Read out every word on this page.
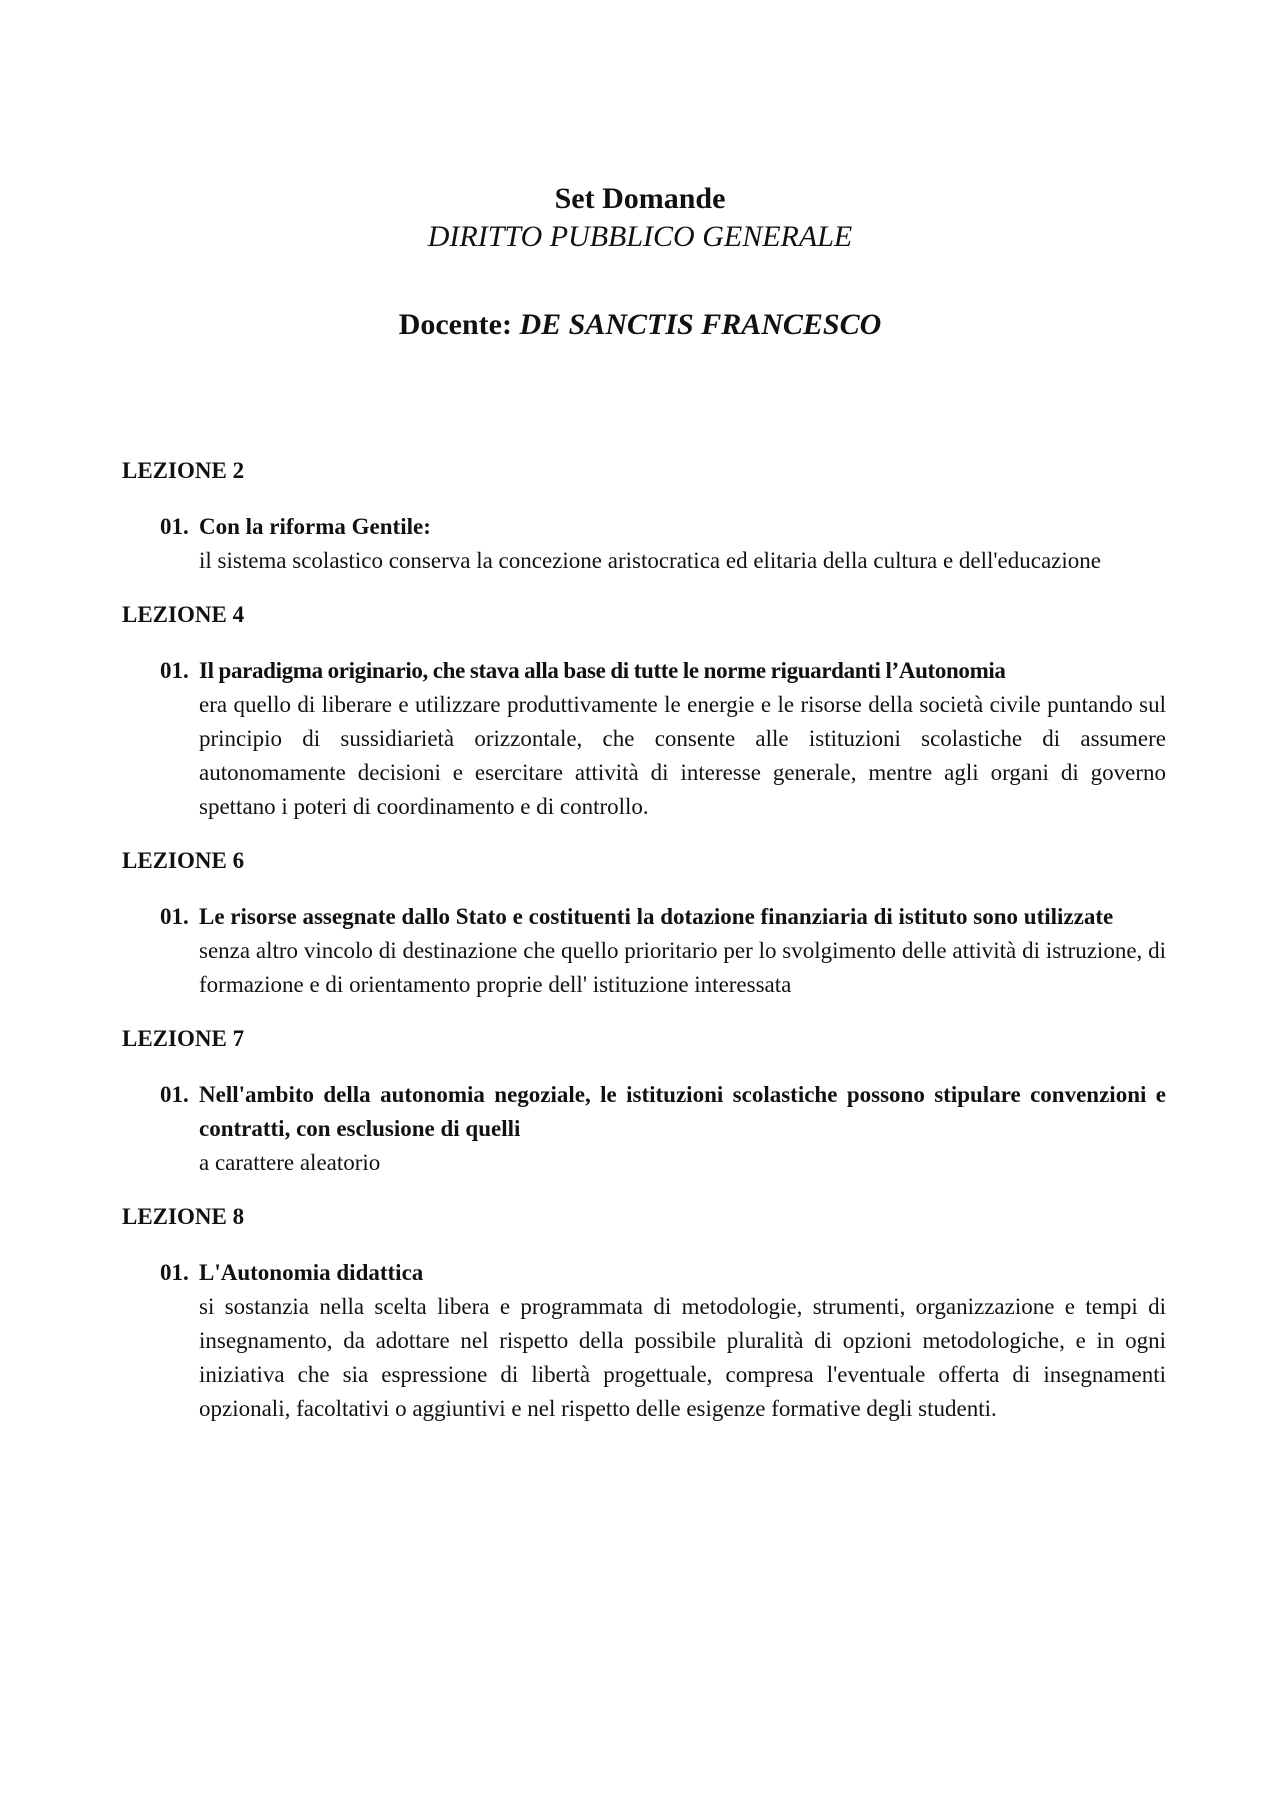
Set Domande
DIRITTO PUBBLICO GENERALE
Docente: DE SANCTIS FRANCESCO
LEZIONE 2
01. Con la riforma Gentile:
il sistema scolastico conserva la concezione aristocratica ed elitaria della cultura e dell'educazione
LEZIONE 4
01. Il paradigma originario, che stava alla base di tutte le norme riguardanti l’Autonomia
era quello di liberare e utilizzare produttivamente le energie e le risorse della società civile puntando sul principio di sussidiarietà orizzontale, che consente alle istituzioni scolastiche di assumere autonomamente decisioni e esercitare attività di interesse generale, mentre agli organi di governo spettano i poteri di coordinamento e di controllo.
LEZIONE 6
01. Le risorse assegnate dallo Stato e costituenti la dotazione finanziaria di istituto sono utilizzate
senza altro vincolo di destinazione che quello prioritario per lo svolgimento delle attività di istruzione, di formazione e di orientamento proprie dell' istituzione interessata
LEZIONE 7
01. Nell'ambito della autonomia negoziale, le istituzioni scolastiche possono stipulare convenzioni e contratti, con esclusione di quelli
a carattere aleatorio
LEZIONE 8
01. L'Autonomia didattica
si sostanzia nella scelta libera e programmata di metodologie, strumenti, organizzazione e tempi di insegnamento, da adottare nel rispetto della possibile pluralità di opzioni metodologiche, e in ogni iniziativa che sia espressione di libertà progettuale, compresa l'eventuale offerta di insegnamenti opzionali, facoltativi o aggiuntivi e nel rispetto delle esigenze formative degli studenti.
